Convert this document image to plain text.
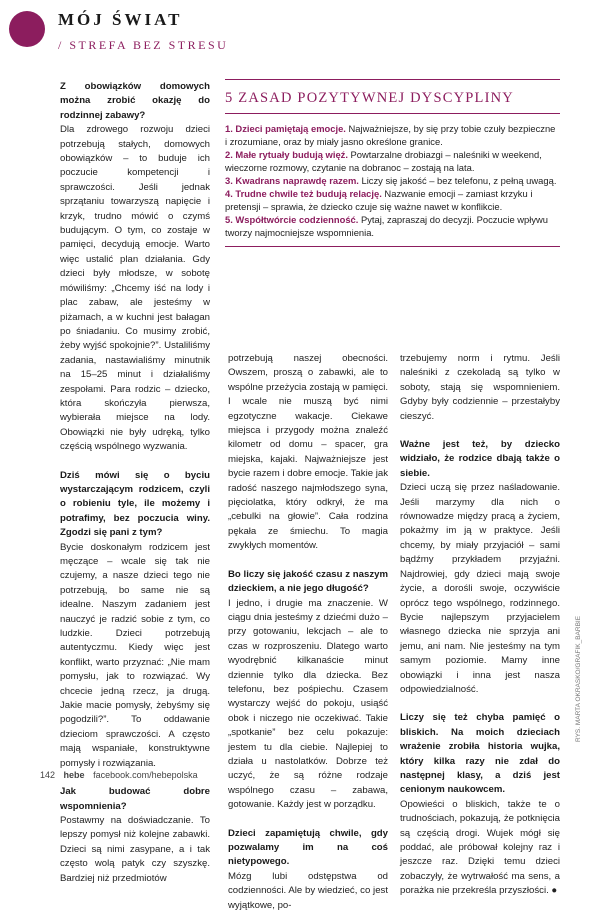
MÓJ ŚWIAT
/ STREFA BEZ STRESU

Z obowiązków domowych można zrobić okazję do rodzinnej zabawy?

Dla zdrowego rozwoju dzieci potrzebują stałych, domowych obowiązków – to buduje ich poczucie kompetencji i sprawczości. Jeśli jednak sprzątaniu towarzyszą napięcie i krzyk, trudno mówić o czymś budującym. O tym, co zostaje w pamięci, decydują emocje. Warto więc ustalić plan działania. Gdy dzieci były młodsze, w sobotę mówiliśmy: „Chcemy iść na lody i plac zabaw, ale jesteśmy w piżamach, a w kuchni jest bałagan po śniadaniu. Co musimy zrobić, żeby wyjść spokojnie?”. Ustaliliśmy zadania, nastawialiśmy minutnik na 15–25 minut i działaliśmy zespołami. Para rodzic – dziecko, która skończyła pierwsza, wybierała miejsce na lody. Obowiązki nie były udręką, tylko częścią wspólnego wyzwania.

Dziś mówi się o byciu wystarczającym rodzicem, czyli o robieniu tyle, ile możemy i potrafimy, bez poczucia winy. Zgodzi się pani z tym?

Bycie doskonałym rodzicem jest męczące – wcale się tak nie czujemy, a nasze dzieci tego nie potrzebują, bo same nie są idealne. Naszym zadaniem jest nauczyć je radzić sobie z tym, co ludzkie. Dzieci potrzebują autentyczmu. Kiedy więc jest konflikt, warto przyznać: „Nie mam pomysłu, jak to rozwiązać. Wy chcecie jedną rzecz, ja drugą. Jakie macie pomysły, żebyśmy się pogodzili?”. To oddawanie dzieciom sprawczości. A często mają wspaniałe, konstruktywne pomysły i rozwiązania.

Jak budować dobre wspomnienia?

Postawmy na doświadczanie. To lepszy pomysł niż kolejne zabawki. Dzieci są nimi zasypane, a i tak często wolą patyk czy szyszkę. Bardziej niż przedmiotów

5 ZASAD POZYTYWNEJ DYSCYPLINY

1. Dzieci pamiętają emocje. Najważniejsze, by się przy tobie czuły bezpieczne i zrozumiane, oraz by miały jasno określone granice.

2. Małe rytuały budują więź. Powtarzalne drobiazgi – naleśniki w weekend, wieczorne rozmowy, czytanie na dobranoc – zostają na lata.

3. Kwadrans naprawdę razem. Liczy się jakość – bez telefonu, z pełną uwagą.

4. Trudne chwile też budują relację. Nazwanie emocji – zamiast krzyku i pretensji – sprawia, że dziecko czuje się ważne nawet w konflikcie.

5. Współtwórcie codzienność. Pytaj, zapraszaj do decyzji. Poczucie wpływu tworzy najmocniejsze wspomnienia.

potrzebują naszej obecności. Owszem, proszą o zabawki, ale to wspólne przeżycia zostają w pamięci. I wcale nie muszą być nimi egzotyczne wakacje. Ciekawe miejsca i przygody można znaleźć kilometr od domu – spacer, gra miejska, kajaki. Najważniejsze jest bycie razem i dobre emocje. Takie jak radość naszego najmłodszego syna, pięciolatka, który odkrył, że ma „cebulki na głowie”. Cała rodzina pękała ze śmiechu. To magia zwykłych momentów.

Bo liczy się jakość czasu z naszym dzieckiem, a nie jego długość?

I jedno, i drugie ma znaczenie. W ciągu dnia jesteśmy z dziećmi dużo – przy gotowaniu, lekcjach – ale to czas w rozproszeniu. Dlatego warto wyodrębnić kilkanaście minut dziennie tylko dla dziecka. Bez telefonu, bez pośpiechu. Czasem wystarczy wejść do pokoju, usiąść obok i niczego nie oczekiwać. Takie „spotkanie” bez celu pokazuje: jestem tu dla ciebie. Najlepiej to działa u nastolatków. Dobrze też uczyć, że są różne rodzaje wspólnego czasu – zabawa, gotowanie. Każdy jest w porządku.

Dzieci zapamiętują chwile, gdy pozwalamy im na coś nietypowego.

Mózg lubi odstępstwa od codzienności. Ale by wiedzieć, co jest wyjątkowe, po-

trzebujemy norm i rytmu. Jeśli naleśniki z czekoladą są tylko w soboty, stają się wspomnieniem. Gdyby były codziennie – przestałyby cieszyć.

Ważne jest też, by dziecko widziało, że rodzice dbają także o siebie.

Dzieci uczą się przez naśladowanie. Jeśli marzymy dla nich o równowadze między pracą a życiem, pokażmy im ją w praktyce. Jeśli chcemy, by miały przyjaciół – sami bądźmy przykładem przyjaźni. Najdrowiej, gdy dzieci mają swoje życie, a dorośli swoje, oczywiście oprócz tego wspólnego, rodzinnego. Bycie najlepszym przyjacielem własnego dziecka nie sprzyja ani jemu, ani nam. Nie jesteśmy na tym samym poziomie. Mamy inne obowiązki i inna jest nasza odpowiedzialność.

Liczy się też chyba pamięć o bliskich. Na moich dzieciach wrażenie zrobiła historia wujka, który kilka razy nie zdał do następnej klasy, a dziś jest cenionym naukowcem.

Opowieści o bliskich, także te o trudnościach, pokazują, że potknięcia są częścią drogi. Wujek mógł się poddać, ale próbował kolejny raz i jeszcze raz. Dzięki temu dzieci zobaczyły, że wytrwałość ma sens, a porażka nie przekreśla przyszłości. ●

142 hebe facebook.com/hebepolska
RYS. MARTA OKRASKO/GRAFIK_BARBIE
